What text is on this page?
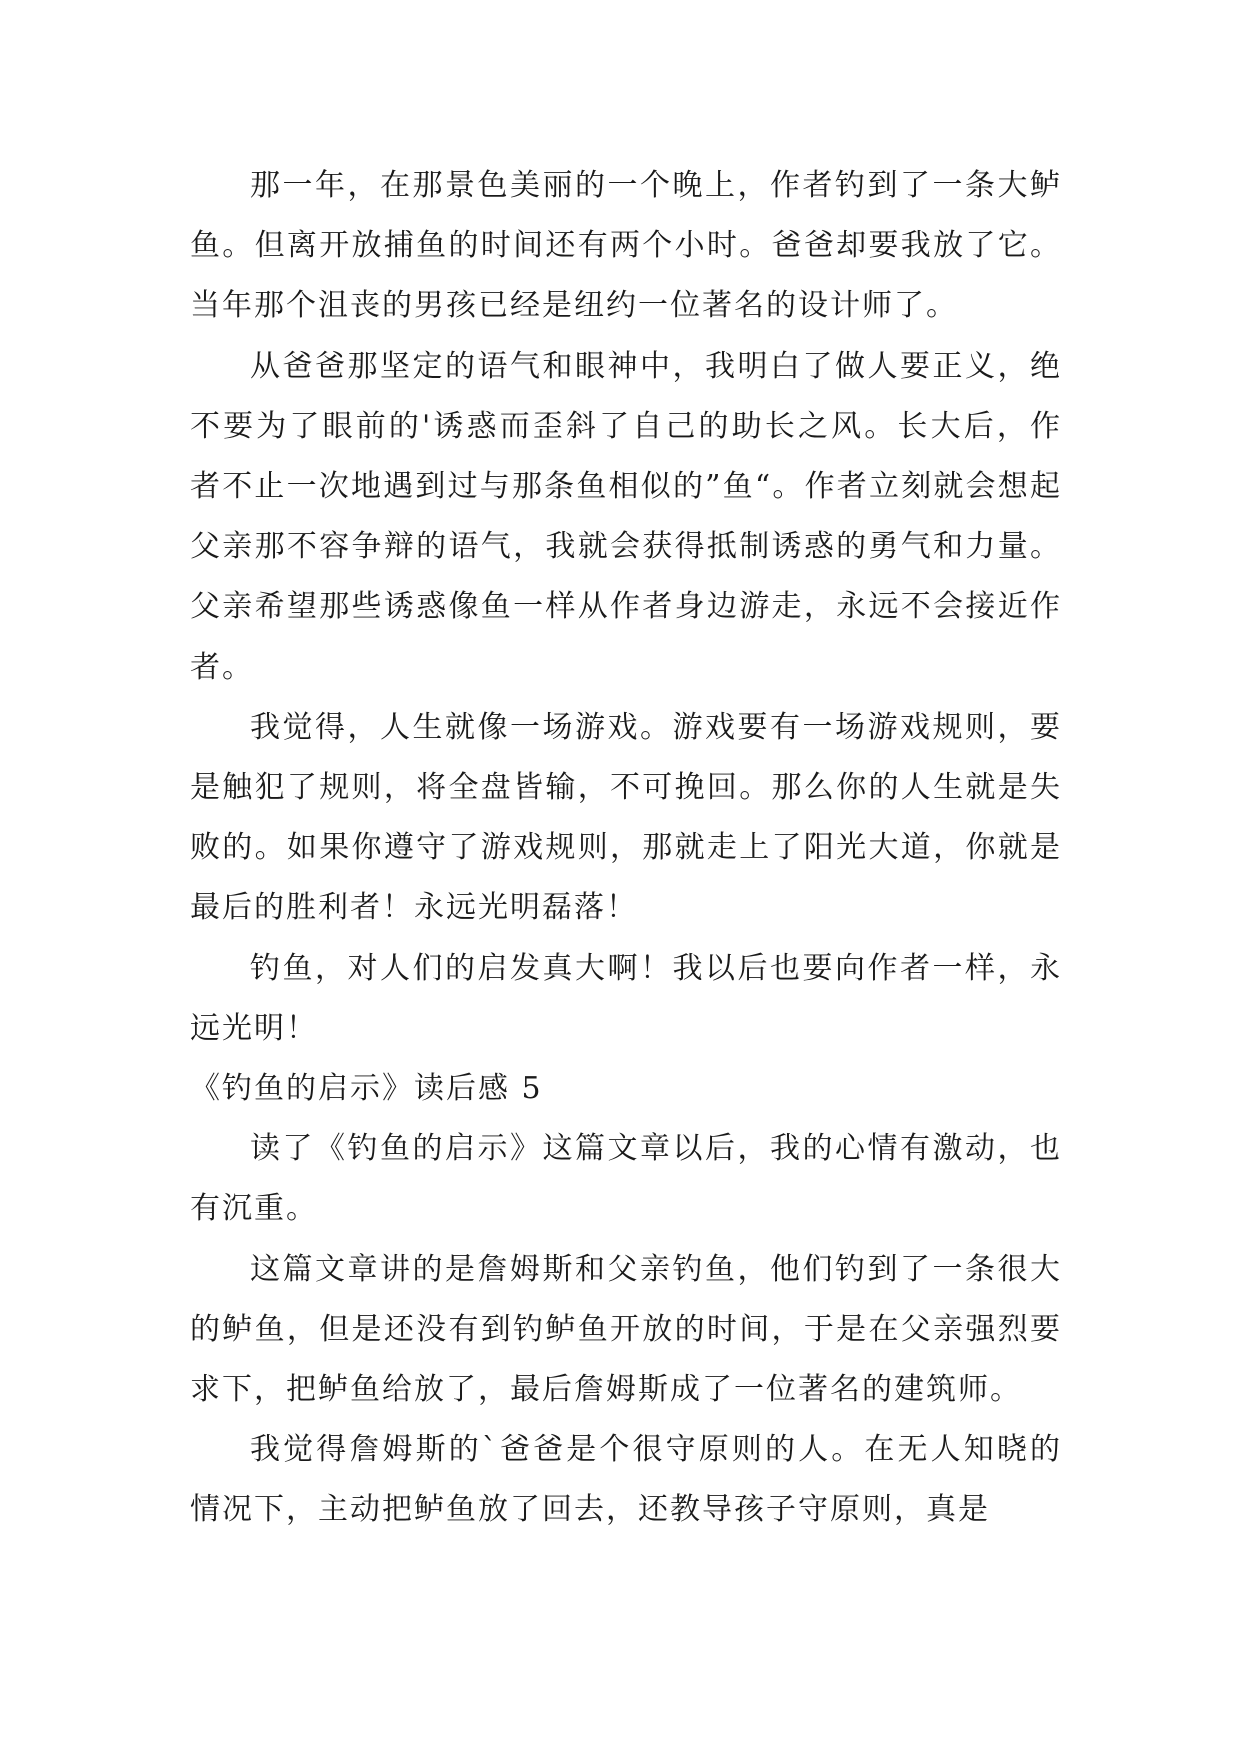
那一年，在那景色美丽的一个晚上，作者钓到了一条大鲈鱼。但离开放捕鱼的时间还有两个小时。爸爸却要我放了它。当年那个沮丧的男孩已经是纽约一位著名的设计师了。

从爸爸那坚定的语气和眼神中，我明白了做人要正义，绝不要为了眼前的'诱惑而歪斜了自己的助长之风。长大后，作者不止一次地遇到过与那条鱼相似的”鱼“。作者立刻就会想起父亲那不容争辩的语气，我就会获得抵制诱惑的勇气和力量。父亲希望那些诱惑像鱼一样从作者身边游走，永远不会接近作者。

我觉得，人生就像一场游戏。游戏要有一场游戏规则，要是触犯了规则，将全盘皆输，不可挽回。那么你的人生就是失败的。如果你遵守了游戏规则，那就走上了阳光大道，你就是最后的胜利者！永远光明磊落！

钓鱼，对人们的启发真大啊！我以后也要向作者一样，永远光明！

《钓鱼的启示》读后感 5

读了《钓鱼的启示》这篇文章以后，我的心情有激动，也有沉重。

这篇文章讲的是詹姆斯和父亲钓鱼，他们钓到了一条很大的鲈鱼，但是还没有到钓鲈鱼开放的时间，于是在父亲强烈要求下，把鲈鱼给放了，最后詹姆斯成了一位著名的建筑师。

我觉得詹姆斯的`爸爸是个很守原则的人。在无人知晓的情况下，主动把鲈鱼放了回去，还教导孩子守原则，真是
